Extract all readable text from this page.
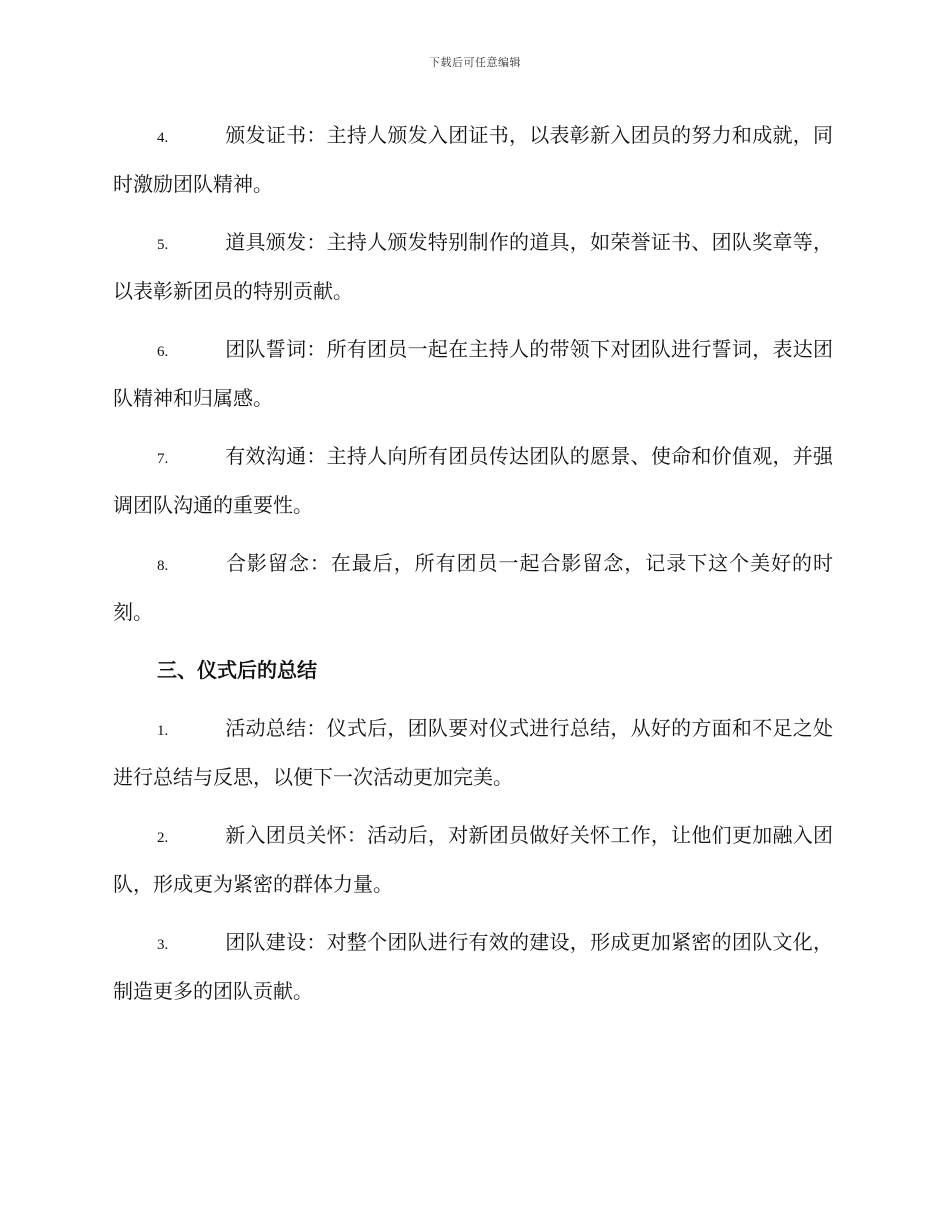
下载后可任意编辑

4.	颁发证书：主持人颁发入团证书，以表彰新入团员的努力和成就，同时激励团队精神。

5.	道具颁发：主持人颁发特别制作的道具，如荣誉证书、团队奖章等，以表彰新团员的特别贡献。

6.	团队誓词：所有团员一起在主持人的带领下对团队进行誓词，表达团队精神和归属感。

7.	有效沟通：主持人向所有团员传达团队的愿景、使命和价值观，并强调团队沟通的重要性。

8.	合影留念：在最后，所有团员一起合影留念，记录下这个美好的时刻。

三、仪式后的总结

1.	活动总结：仪式后，团队要对仪式进行总结，从好的方面和不足之处进行总结与反思，以便下一次活动更加完美。

2.	新入团员关怀：活动后，对新团员做好关怀工作，让他们更加融入团队，形成更为紧密的群体力量。

3.	团队建设：对整个团队进行有效的建设，形成更加紧密的团队文化，制造更多的团队贡献。
